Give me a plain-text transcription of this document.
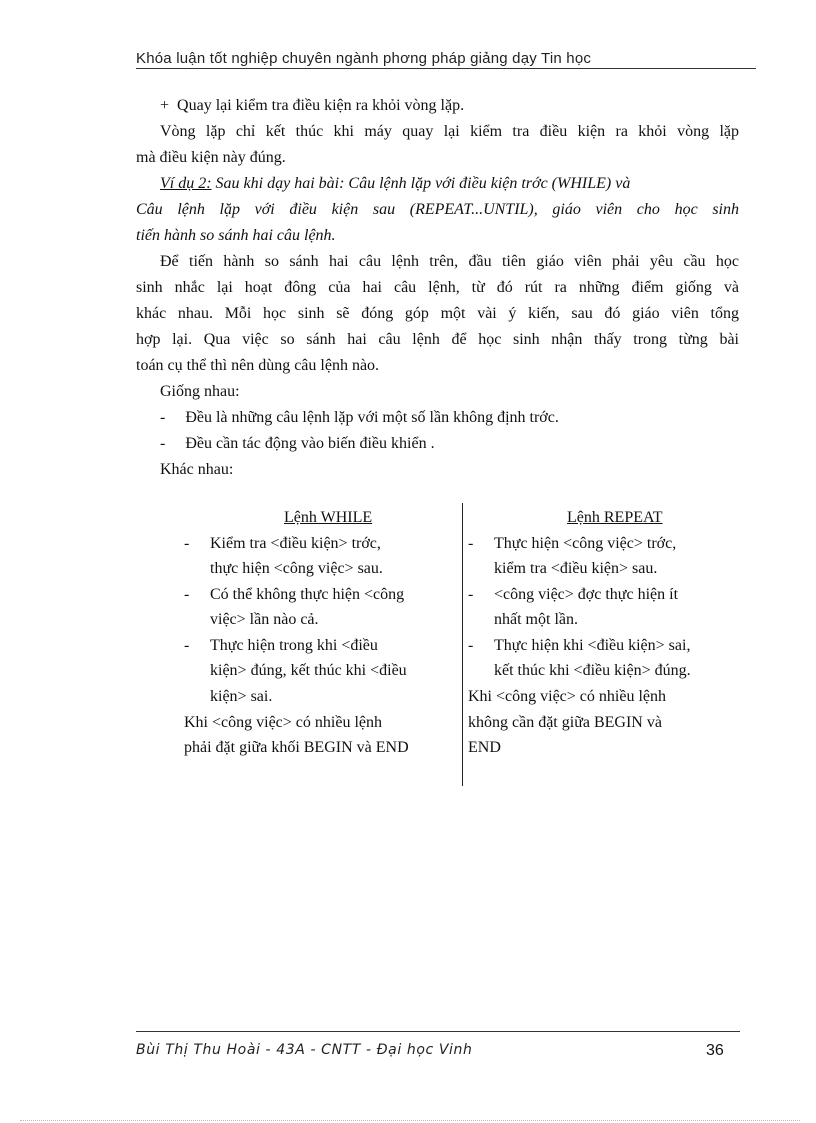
Khóa luận tốt nghiệp chuyên ngành phơng pháp giảng dạy Tin học
+ Quay lại kiểm tra điều kiện ra khỏi vòng lặp.
Vòng lặp chỉ kết thúc khi máy quay lại kiểm tra điều kiện ra khỏi vòng lặp
mà điều kiện này đúng.
Ví dụ 2: Sau khi dạy hai bài: Câu lệnh lặp với điều kiện trớc (WHILE) và
Câu lệnh lặp với điều kiện sau (REPEAT...UNTIL), giáo viên cho học sinh
tiến hành so sánh hai câu lệnh.
Để tiến hành so sánh hai câu lệnh trên, đầu tiên giáo viên phải yêu cầu học
sinh nhắc lại hoạt đông của hai câu lệnh, từ đó rút ra những điểm giống và
khác nhau. Mỗi học sinh sẽ đóng góp một vài ý kiến, sau đó giáo viên tổng
hợp lại. Qua việc so sánh hai câu lệnh để học sinh nhận thấy trong từng bài
toán cụ thể thì nên dùng câu lệnh nào.
Giống nhau:
- Đều là những câu lệnh lặp với một số lần không định trớc.
- Đều cần tác động vào biến điều khiển .
Khác nhau:
Lệnh WHILE	Lệnh REPEAT
- Kiểm tra <điều kiện> trớc,
thực hiện <công việc> sau.
- Có thể không thực hiện <công
việc> lần nào cả.
- Thực hiện trong khi <điều
kiện> đúng, kết thúc khi <điều
kiện> sai.
Khi <công việc> có nhiều lệnh
phải đặt giữa khối BEGIN và END
- Thực hiện <công việc> trớc,
kiểm tra <điều kiện> sau.
- <công việc> đợc thực hiện ít
nhất một lần.
- Thực hiện khi <điều kiện> sai,
kết thúc khi <điều kiện> đúng.
Khi <công việc> có nhiều lệnh
không cần đặt giữa BEGIN và
END
Bùi Thị Thu Hoài - 43A - CNTT - Đại học Vinh	36
